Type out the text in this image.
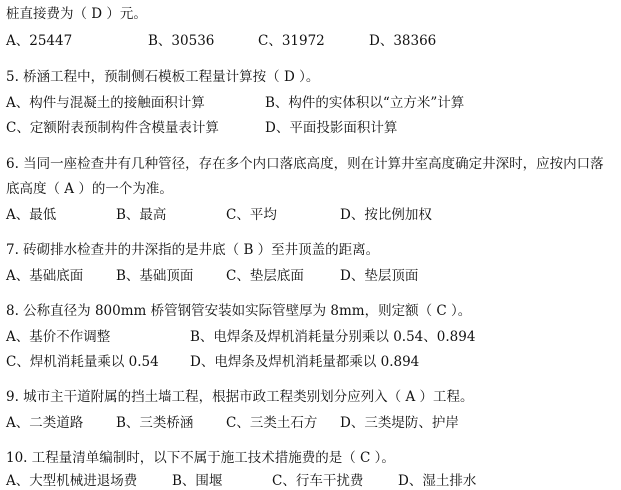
桩直接费为（ D ）元。
A、25447	B、30536	C、31972	D、38366
5. 桥涵工程中，预制侧石模板工程量计算按（ D ）。
A、构件与混凝土的接触面积计算	B、构件的实体积以“立方米”计算
C、定额附表预制构件含模量表计算	D、平面投影面积计算
6. 当同一座检查井有几种管径，存在多个内口落底高度，则在计算井室高度确定井深时，应按内口落
底高度（ A ）的一个为准。
A、最低	B、最高	C、平均	D、按比例加权
7. 砖砌排水检查井的井深指的是井底（ B ）至井顶盖的距离。
A、基础底面 B、基础顶面 C、垫层底面	D、垫层顶面
8. 公称直径为 800mm 桥管钢管安装如实际管壁厚为 8mm，则定额（ C ）。
A、基价不作调整	B、电焊条及焊机消耗量分别乘以 0.54、0.894
C、焊机消耗量乘以 0.54 D、电焊条及焊机消耗量都乘以 0.894
9. 城市主干道附属的挡土墙工程，根据市政工程类别划分应列入（ A ）工程。
A、二类道路 B、三类桥涵 C、三类土石方 D、三类堤防、护岸
10. 工程量清单编制时，以下不属于施工技术措施费的是（ C ）。
A、大型机械进退场费	B、围堰	C、行车干扰费	D、湿土排水
